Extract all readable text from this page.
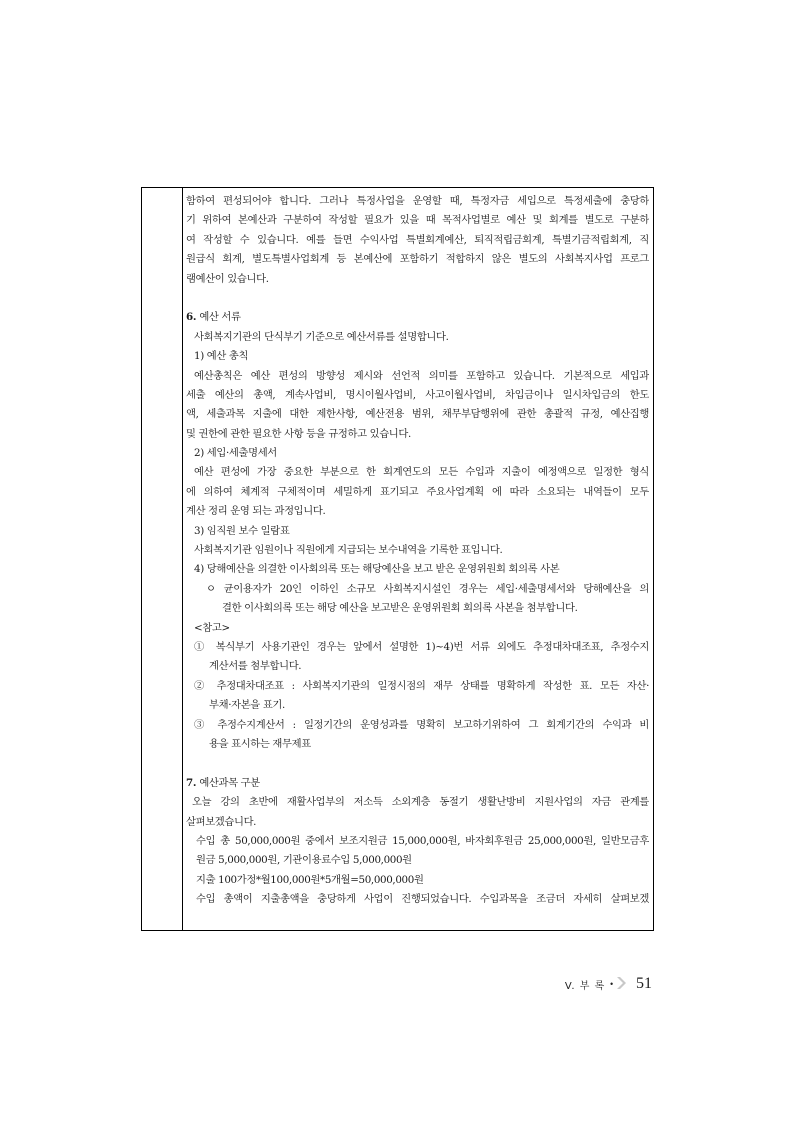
함하여 편성되어야 합니다. 그러나 특정사업을 운영할 때, 특정자금 세입으로 특정세출에 충당하
기 위하여 본예산과 구분하여 작성할 필요가 있을 때 목적사업별로 예산 및 회계를 별도로 구분하
여 작성할 수 있습니다. 예를 들면 수익사업 특별회계예산, 퇴직적립금회계, 특별기금적립회계, 직
원급식 회계, 별도특별사업회계 등 본예산에 포함하기 적합하지 않은 별도의 사회복지사업 프로그
램예산이 있습니다.
6. 예산 서류
사회복지기관의 단식부기 기준으로 예산서류를 설명합니다.
1) 예산 총칙
예산총칙은 예산 편성의 방향성 제시와 선언적 의미를 포함하고 있습니다. 기본적으로 세입과
세출 예산의 총액, 계속사업비, 명시이월사업비, 사고이월사업비, 차입금이나 일시차입금의 한도
액, 세출과목 지출에 대한 제한사항, 예산전용 범위, 채무부담행위에 관한 총괄적 규정, 예산집행
및 권한에 관한 필요한 사항 등을 규정하고 있습니다.
2) 세입·세출명세서
예산 편성에 가장 중요한 부분으로 한 회계연도의 모든 수입과 지출이 예정액으로 일정한 형식
에 의하여 체계적 구체적이며 세밀하게 표기되고 주요사업계획 에 따라 소요되는 내역들이 모두
계산 정리 운영 되는 과정입니다.
3) 임직원 보수 일람표
사회복지기관 임원이나 직원에게 지급되는 보수내역을 기록한 표입니다.
4) 당해예산을 의결한 이사회의록 또는 해당예산을 보고 받은 운영위원회 회의록 사본
ㅇ 균이용자가 20인 이하인 소규모 사회복지시설인 경우는 세입·세출명세서와 당해예산을 의
결한 이사회의록 또는 해당 예산을 보고받은 운영위원회 회의록 사본을 첨부합니다.
<참고>
① 복식부기 사용기관인 경우는 앞에서 설명한 1)~4)번 서류 외에도 추정대차대조표, 추정수지
계산서를 첨부합니다.
② 추정대차대조표 : 사회복지기관의 일정시점의 재무 상태를 명확하게 작성한 표. 모든 자산·
부채·자본을 표기.
③ 추정수지계산서 : 일정기간의 운영성과를 명확히 보고하기위하여 그 회계기간의 수익과 비
용을 표시하는 재무제표
7. 예산과목 구분
오늘 강의 초반에 재활사업부의 저소득 소외계층 동절기 생활난방비 지원사업의 자금 관계를
살펴보겠습니다.
수입 총 50,000,000원 중에서 보조지원금 15,000,000원, 바자회후원금 25,000,000원, 일반모금후
원금 5,000,000원, 기관이용료수입 5,000,000원
지출 100가정*월100,000원*5개월=50,000,000원
수입 총액이 지출총액을 충당하게 사업이 진행되었습니다. 수입과목을 조금더 자세히 살펴보겠
V. 부 록 • 51
